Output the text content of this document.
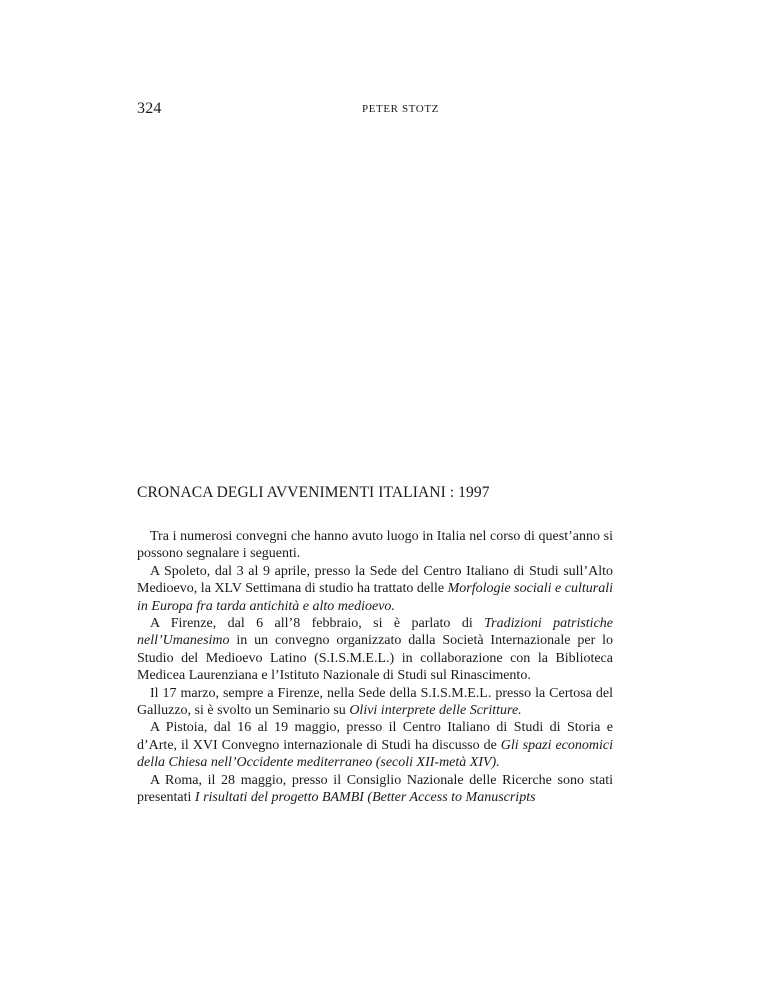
324	PETER STOTZ
CRONACA DEGLI AVVENIMENTI ITALIANI : 1997

Tra i numerosi convegni che hanno avuto luogo in Italia nel corso di quest’anno si possono segnalare i seguenti.

A Spoleto, dal 3 al 9 aprile, presso la Sede del Centro Italiano di Studi sull’Alto Medioevo, la XLV Settimana di studio ha trattato delle Morfologie sociali e culturali in Europa fra tarda antichità e alto medioevo.

A Firenze, dal 6 all’8 febbraio, si è parlato di Tradizioni patristiche nell’Umanesimo in un convegno organizzato dalla Società Internazionale per lo Studio del Medioevo Latino (S.I.S.M.E.L.) in collaborazione con la Biblioteca Medicea Laurenziana e l’Istituto Nazionale di Studi sul Rinascimento.

Il 17 marzo, sempre a Firenze, nella Sede della S.I.S.M.E.L. presso la Certosa del Galluzzo, si è svolto un Seminario su Olivi interprete delle Scritture.

A Pistoia, dal 16 al 19 maggio, presso il Centro Italiano di Studi di Storia e d’Arte, il XVI Convegno internazionale di Studi ha discusso de Gli spazi economici della Chiesa nell’Occidente mediterraneo (secoli XII-metà XIV).

A Roma, il 28 maggio, presso il Consiglio Nazionale delle Ricerche sono stati presentati I risultati del progetto BAMBI (Better Access to Manuscripts
